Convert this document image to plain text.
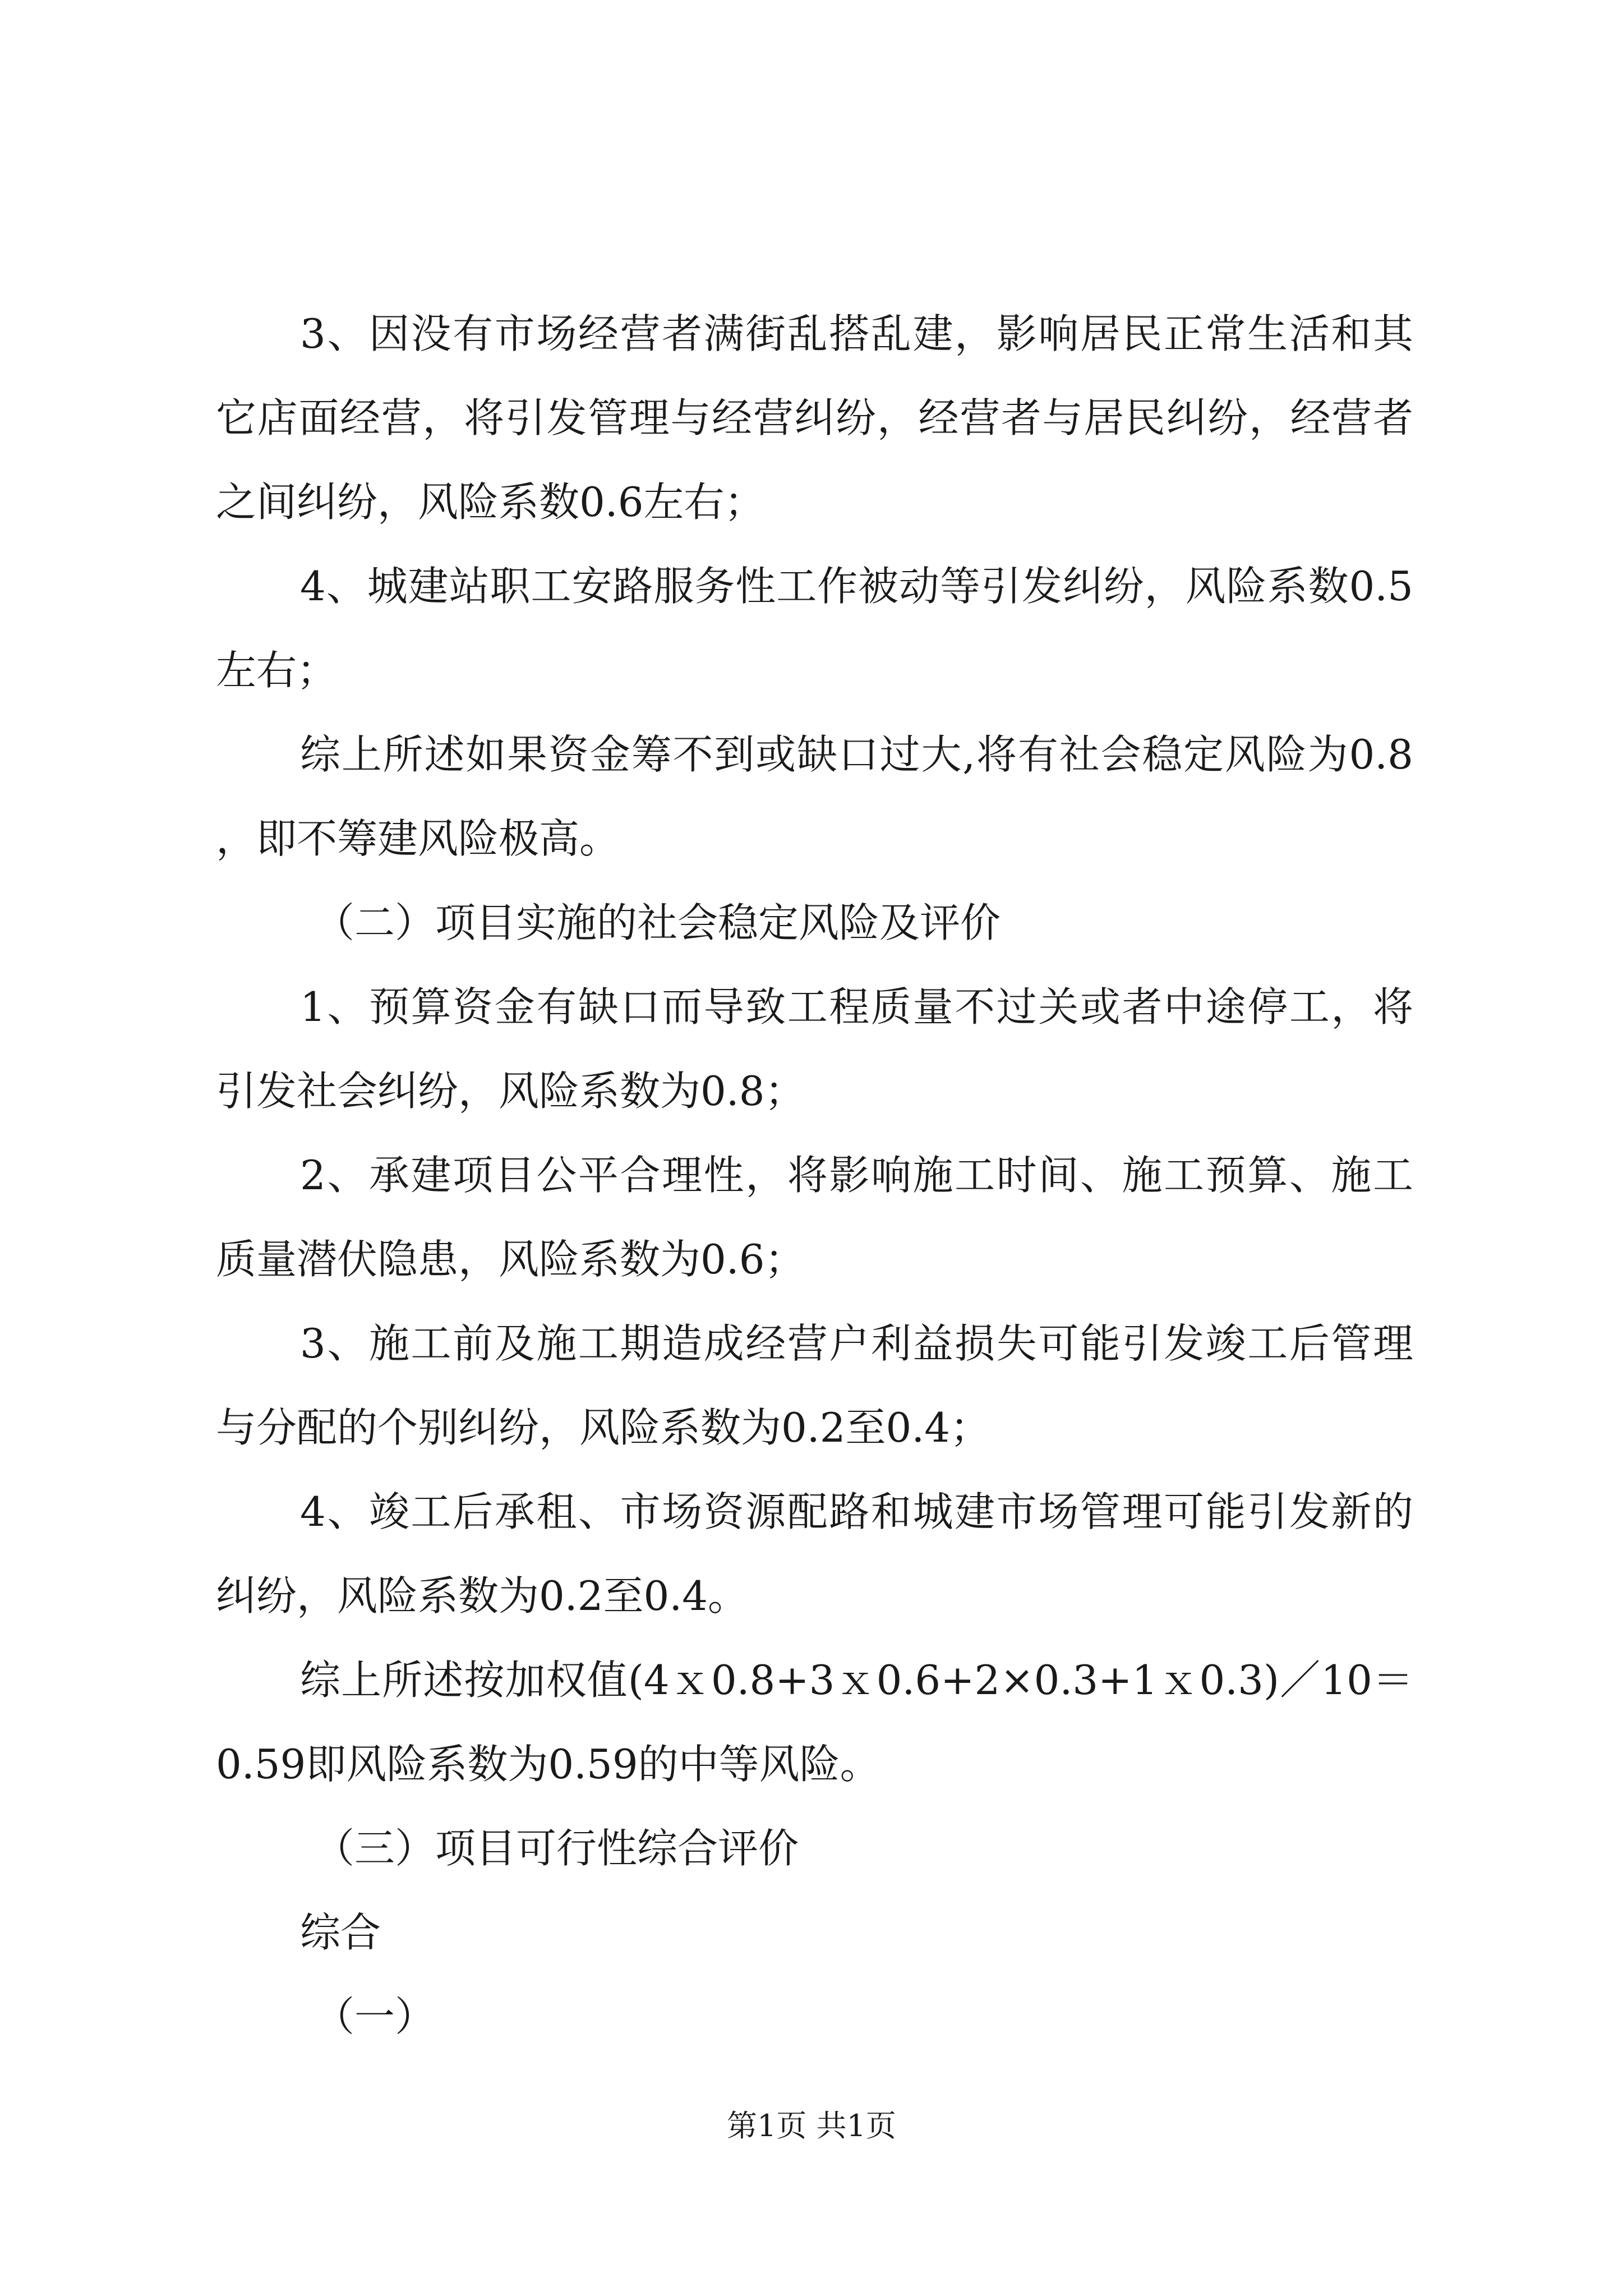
3、因没有市场经营者满街乱搭乱建，影响居民正常生活和其它店面经营，将引发管理与经营纠纷，经营者与居民纠纷，经营者之间纠纷，风险系数0.6左右；

4、城建站职工安路服务性工作被动等引发纠纷，风险系数0.5左右；

综上所述如果资金筹不到或缺口过大,将有社会稳定风险为0.8，即不筹建风险极高。

（二）项目实施的社会稳定风险及评价

1、预算资金有缺口而导致工程质量不过关或者中途停工，将引发社会纠纷，风险系数为0.8；

2、承建项目公平合理性，将影响施工时间、施工预算、施工质量潜伏隐患，风险系数为0.6；

3、施工前及施工期造成经营户利益损失可能引发竣工后管理与分配的个别纠纷，风险系数为0.2至0.4；

4、竣工后承租、市场资源配路和城建市场管理可能引发新的纠纷，风险系数为0.2至0.4。

综上所述按加权值(4ｘ0.8+3ｘ0.6+2×0.3+1ｘ0.3)／10＝0.59即风险系数为0.59的中等风险。

（三）项目可行性综合评价

综合

（一）

第1页 共1页
